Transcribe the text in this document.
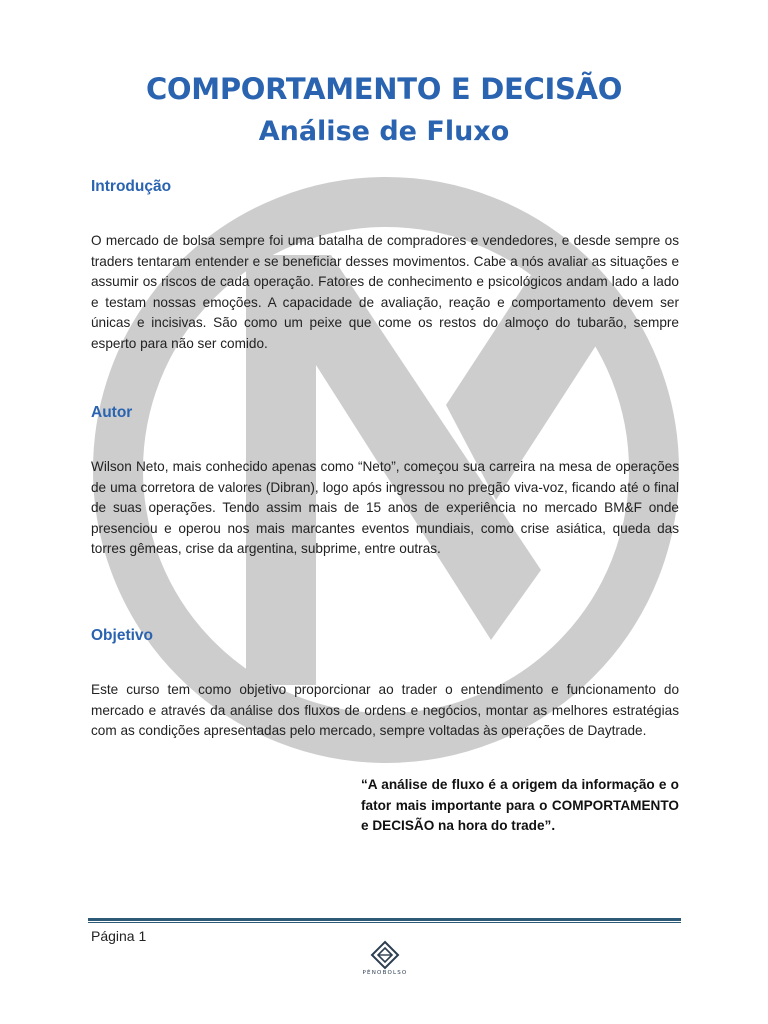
COMPORTAMENTO E DECISÃO
Análise de Fluxo
Introdução

O mercado de bolsa sempre foi uma batalha de compradores e vendedores, e desde sempre os traders tentaram entender e se beneficiar desses movimentos. Cabe a nós avaliar as situações e assumir os riscos de cada operação. Fatores de conhecimento e psicológicos andam lado a lado e testam nossas emoções. A capacidade de avaliação, reação e comportamento devem ser únicas e incisivas. São como um peixe que come os restos do almoço do tubarão, sempre esperto para não ser comido.

Autor

Wilson Neto, mais conhecido apenas como “Neto”, começou sua carreira na mesa de operações de uma corretora de valores (Dibran), logo após ingressou no pregão viva-voz, ficando até o final de suas operações. Tendo assim mais de 15 anos de experiência no mercado BM&F onde presenciou e operou nos mais marcantes eventos mundiais, como crise asiática, queda das torres gêmeas, crise da argentina, subprime, entre outras.

Objetivo

Este curso tem como objetivo proporcionar ao trader o entendimento e funcionamento do mercado e através da análise dos fluxos de ordens e negócios, montar as melhores estratégias com as condições apresentadas pelo mercado, sempre voltadas às operações de Daytrade.

“A análise de fluxo é a origem da informação e o fator mais importante para o COMPORTAMENTO e DECISÃO na hora do trade”.

Página 1

PÉNOBOLSO
